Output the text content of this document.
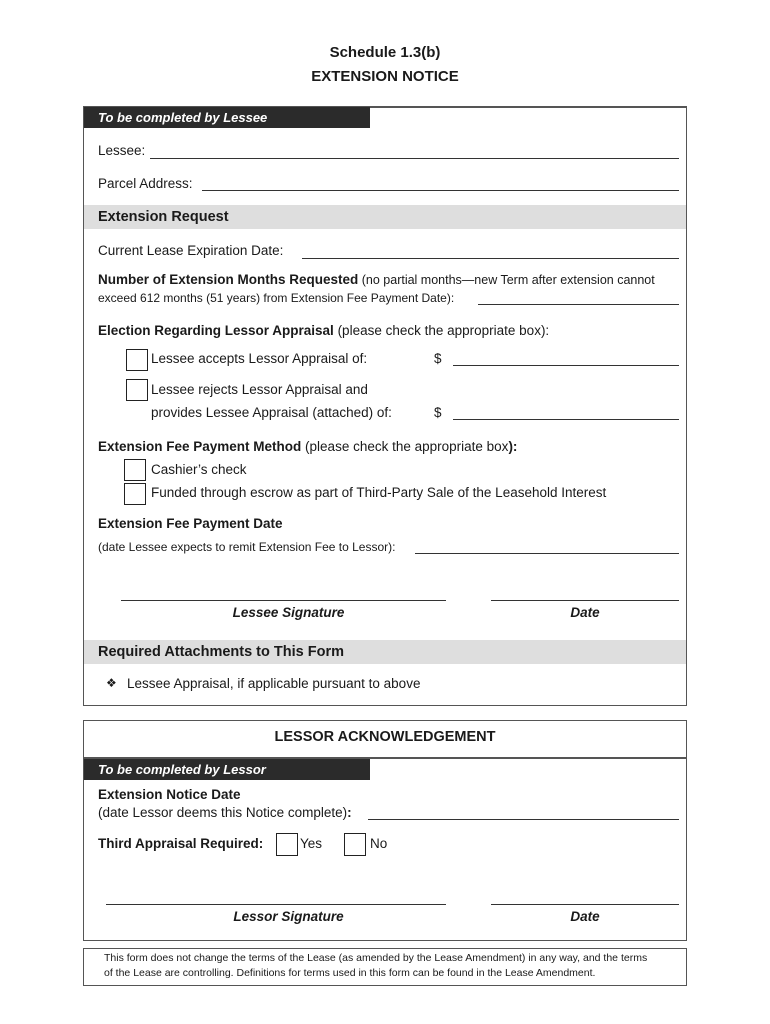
Schedule 1.3(b)
EXTENSION NOTICE
To be completed by Lessee
Lessee:
Parcel Address:
Extension Request
Current Lease Expiration Date:
Number of Extension Months Requested (no partial months—new Term after extension cannot
exceed 612 months (51 years) from Extension Fee Payment Date):
Election Regarding Lessor Appraisal (please check the appropriate box):
Lessee accepts Lessor Appraisal of:	$
Lessee rejects Lessor Appraisal and
provides Lessee Appraisal (attached) of:	$
Extension Fee Payment Method (please check the appropriate box):
Cashier’s check
Funded through escrow as part of Third-Party Sale of the Leasehold Interest
Extension Fee Payment Date
(date Lessee expects to remit Extension Fee to Lessor):
Lessee Signature	Date
Required Attachments to This Form
❖ Lessee Appraisal, if applicable pursuant to above
LESSOR ACKNOWLEDGEMENT
To be completed by Lessor
Extension Notice Date
(date Lessor deems this Notice complete):
Third Appraisal Required:	Yes	No
Lessor Signature	Date
This form does not change the terms of the Lease (as amended by the Lease Amendment) in any way, and the terms
of the Lease are controlling. Definitions for terms used in this form can be found in the Lease Amendment.
